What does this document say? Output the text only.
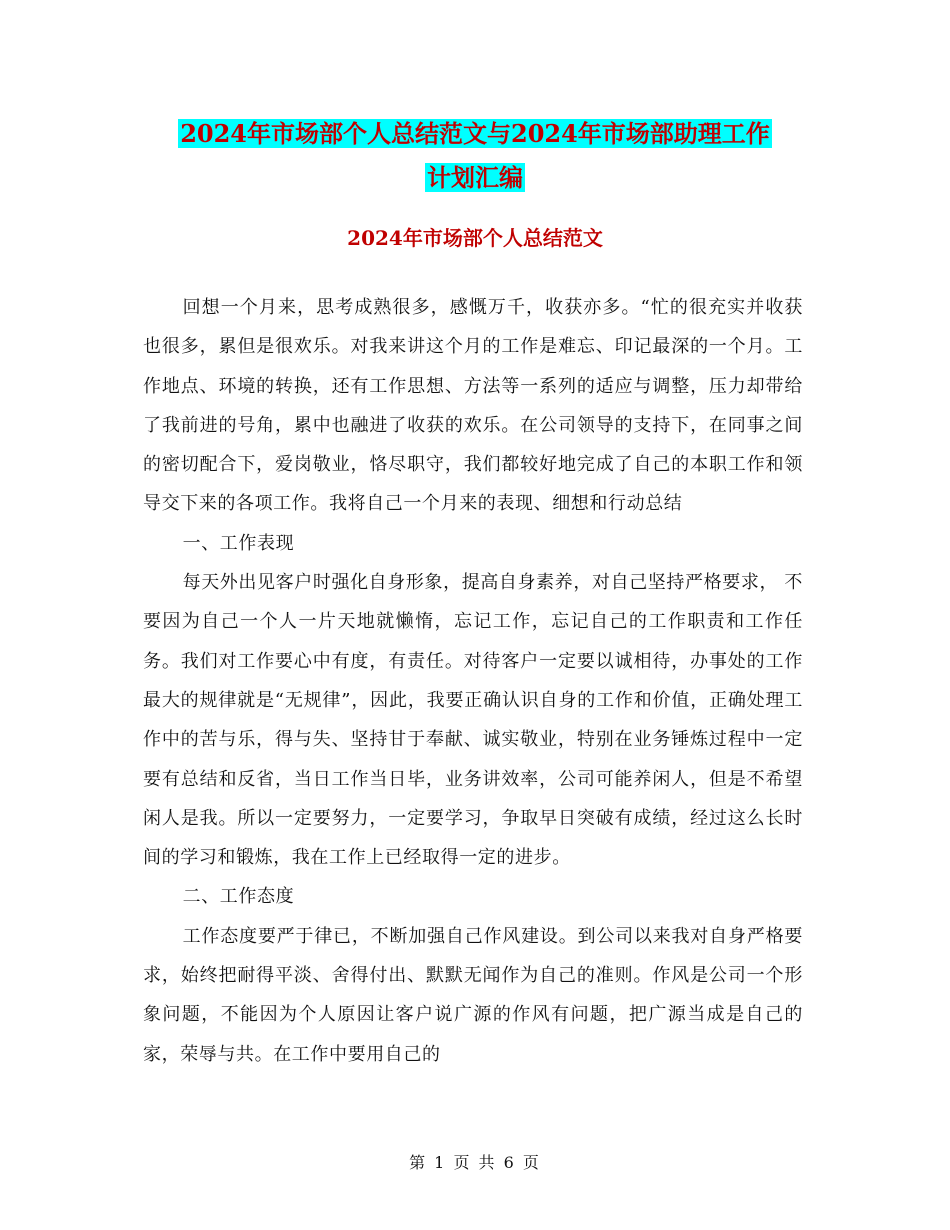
2024年市场部个人总结范文与2024年市场部助理工作
计划汇编
2024年市场部个人总结范文

回想一个月来，思考成熟很多，感慨万千，收获亦多。“忙的很充实并收获也很多，累但是很欢乐。对我来讲这个月的工作是难忘、印记最深的一个月。工作地点、环境的转换，还有工作思想、方法等一系列的适应与调整，压力却带给了我前进的号角，累中也融进了收获的欢乐。在公司领导的支持下，在同事之间的密切配合下，爱岗敬业，恪尽职守，我们都较好地完成了自己的本职工作和领导交下来的各项工作。我将自己一个月来的表现、细想和行动总结

一、工作表现

每天外出见客户时强化自身形象，提高自身素养，对自己坚持严格要求， 不要因为自己一个人一片天地就懒惰，忘记工作，忘记自己的工作职责和工作任务。我们对工作要心中有度，有责任。对待客户一定要以诚相待，办事处的工作最大的规律就是“无规律”，因此，我要正确认识自身的工作和价值，正确处理工作中的苦与乐，得与失、坚持甘于奉献、诚实敬业，特别在业务锤炼过程中一定要有总结和反省，当日工作当日毕，业务讲效率，公司可能养闲人，但是不希望闲人是我。所以一定要努力，一定要学习，争取早日突破有成绩，经过这么长时间的学习和锻炼，我在工作上已经取得一定的进步。

二、工作态度

工作态度要严于律已，不断加强自己作风建设。到公司以来我对自身严格要求，始终把耐得平淡、舍得付出、默默无闻作为自己的准则。作风是公司一个形象问题，不能因为个人原因让客户说广源的作风有问题，把广源当成是自己的家，荣辱与共。在工作中要用自己的

第 1 页 共 6 页
